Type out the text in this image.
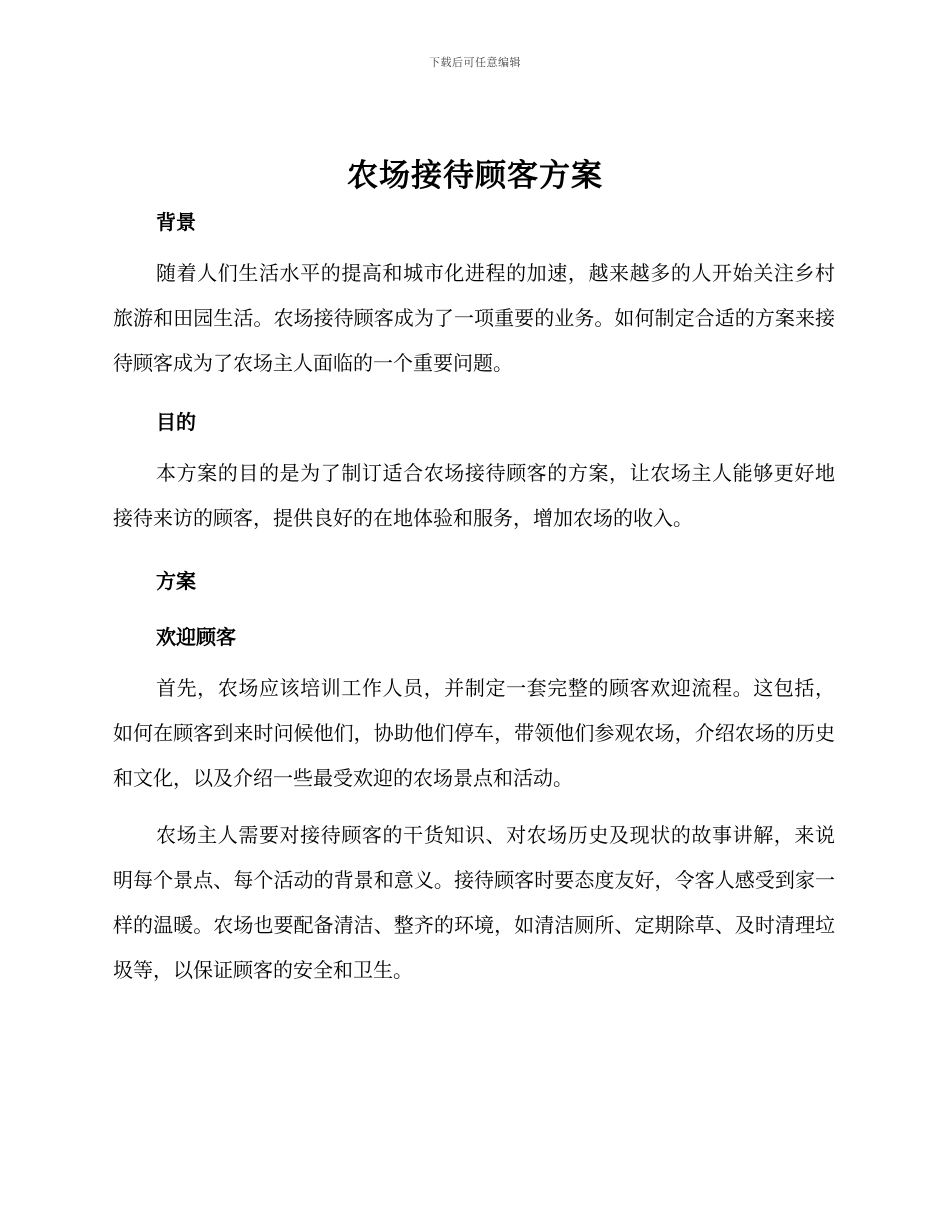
下载后可任意编辑
农场接待顾客方案
背景

随着人们生活水平的提高和城市化进程的加速，越来越多的人开始关注乡村旅游和田园生活。农场接待顾客成为了一项重要的业务。如何制定合适的方案来接待顾客成为了农场主人面临的一个重要问题。

目的

本方案的目的是为了制订适合农场接待顾客的方案，让农场主人能够更好地接待来访的顾客，提供良好的在地体验和服务，增加农场的收入。

方案
欢迎顾客

首先，农场应该培训工作人员，并制定一套完整的顾客欢迎流程。这包括，如何在顾客到来时问候他们，协助他们停车，带领他们参观农场，介绍农场的历史和文化，以及介绍一些最受欢迎的农场景点和活动。

农场主人需要对接待顾客的干货知识、对农场历史及现状的故事讲解，来说明每个景点、每个活动的背景和意义。接待顾客时要态度友好，令客人感受到家一样的温暖。农场也要配备清洁、整齐的环境，如清洁厕所、定期除草、及时清理垃圾等，以保证顾客的安全和卫生。
